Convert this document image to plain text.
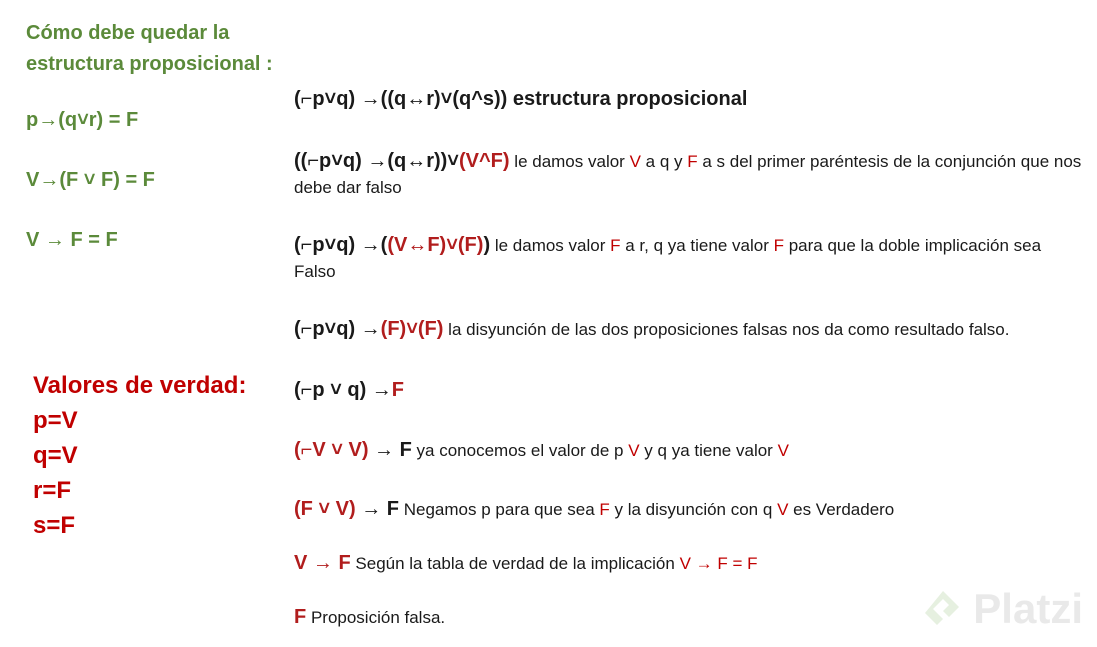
Cómo debe quedar la estructura proposicional :
p→(q˅r) = F
V→(F ˅ F) = F
V → F = F
Valores de verdad:
p=V
q=V
r=F
s=F
(⌐p˅q) →((q↔r)˅(q^s)) estructura proposicional
((⌐p˅q) →(q↔r))˅(V^F) le damos valor V a q y F a s del primer paréntesis de la conjunción que nos debe dar falso
(⌐p˅q) →((V↔F)˅(F)) le damos valor F a r, q ya tiene valor F para que la doble implicación sea Falso
(⌐p˅q) →(F)˅(F) la disyunción de las dos proposiciones falsas nos da como resultado falso.
(⌐p ˅ q) →F
(⌐V ˅ V) → F ya conocemos el valor de p V y q ya tiene valor V
(F ˅ V) → F Negamos p para que sea F y la disyunción con q V es Verdadero
V → F Según la tabla de verdad de la implicación V → F = F
F Proposición falsa.	Platzi
